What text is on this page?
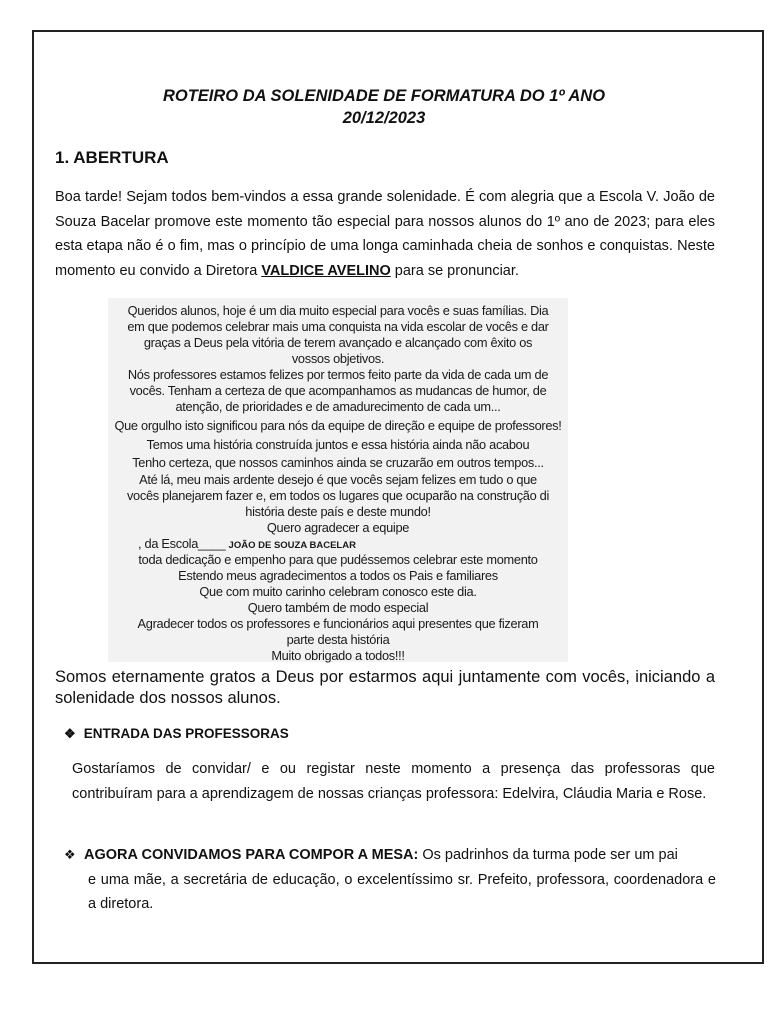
ROTEIRO DA SOLENIDADE DE FORMATURA DO 1º ANO
20/12/2023
1. ABERTURA
Boa tarde! Sejam todos bem-vindos a essa grande solenidade. É com alegria que a Escola V. João de Souza Bacelar promove este momento tão especial para nossos alunos do 1º ano de 2023; para eles esta etapa não é o fim, mas o princípio de uma longa caminhada cheia de sonhos e conquistas. Neste momento eu convido a Diretora VALDICE AVELINO para se pronunciar.
Queridos alunos, hoje é um dia muito especial para vocês e suas famílias. Dia
em que podemos celebrar mais uma conquista na vida escolar de vocês e dar
graças a Deus pela vitória de terem avançado e alcançado com êxito os
vossos objetivos.
Nós professores estamos felizes por termos feito parte da vida de cada um de
vocês. Tenham a certeza de que acompanhamos as mudancas de humor, de
atenção, de prioridades e de amadurecimento de cada um...
Que orgulho isto significou para nós da equipe de direção e equipe de professores!
Temos uma história construída juntos e essa história ainda não acabou
Tenho certeza, que nossos caminhos ainda se cruzarão em outros tempos...
Até lá, meu mais ardente desejo é que vocês sejam felizes em tudo o que
vocês planejarem fazer e, em todos os lugares que ocuparão na construção di
história deste país e deste mundo!
Quero agradecer a equipe
, da Escola____ JOÃO DE SOUZA BACELAR
toda dedicação e empenho para que pudéssemos celebrar este momento
Estendo meus agradecimentos a todos os Pais e familiares
Que com muito carinho celebram conosco este dia.
Quero também de modo especial
Agradecer todos os professores e funcionários aqui presentes que fizeram
parte desta história
Muito obrigado a todos!!!
Somos eternamente gratos a Deus por estarmos aqui juntamente com vocês, iniciando a solenidade dos nossos alunos.
❖ ENTRADA DAS PROFESSORAS
Gostaríamos de convidar/ e ou registar neste momento a presença das professoras que contribuíram para a aprendizagem de nossas crianças professora: Edelvira, Cláudia Maria e Rose.
❖ AGORA CONVIDAMOS PARA COMPOR A MESA: Os padrinhos da turma pode ser um pai
e uma mãe, a secretária de educação, o excelentíssimo sr. Prefeito, professora, coordenadora e a diretora.
